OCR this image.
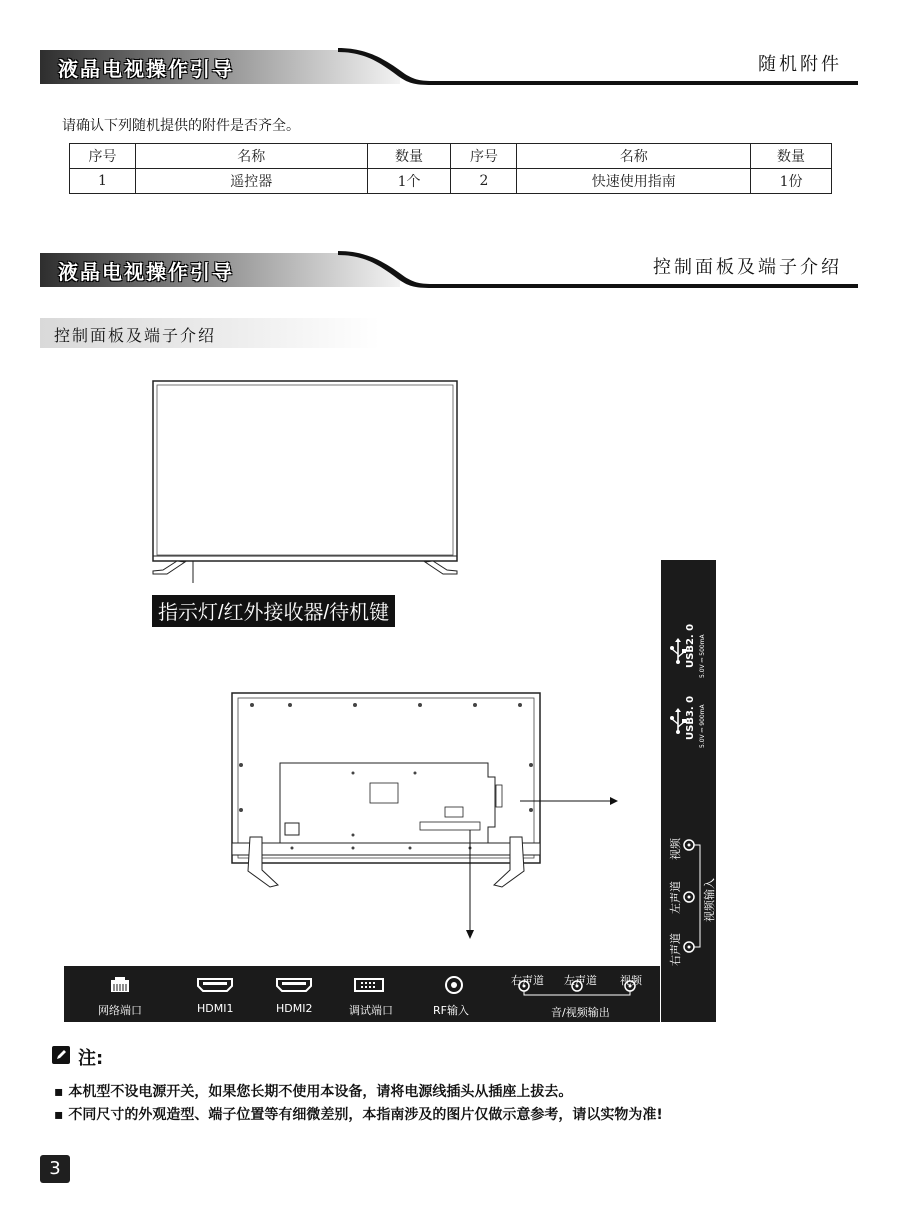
液晶电视操作引导	随机附件
请确认下列随机提供的附件是否齐全。
序号	名称	数量	序号	名称	数量
1	遥控器	1个	2	快速使用指南	1份
液晶电视操作引导	控制面板及端子介绍
控制面板及端子介绍
指示灯/红外接收器/待机键
网络端口	HDMI1	HDMI2	调试端口	RF输入
右声道 左声道 视频
音/视频输出
USB2. 0 5.0V ⎓ 500mA
USB3. 0 5.0V ⎓ 900mA
视频
左声道
右声道
视频输入
注:
▪ 本机型不设电源开关，如果您长期不使用本设备，请将电源线插头从插座上拔去。
▪ 不同尺寸的外观造型、端子位置等有细微差别，本指南涉及的图片仅做示意参考，请以实物为准!
3
